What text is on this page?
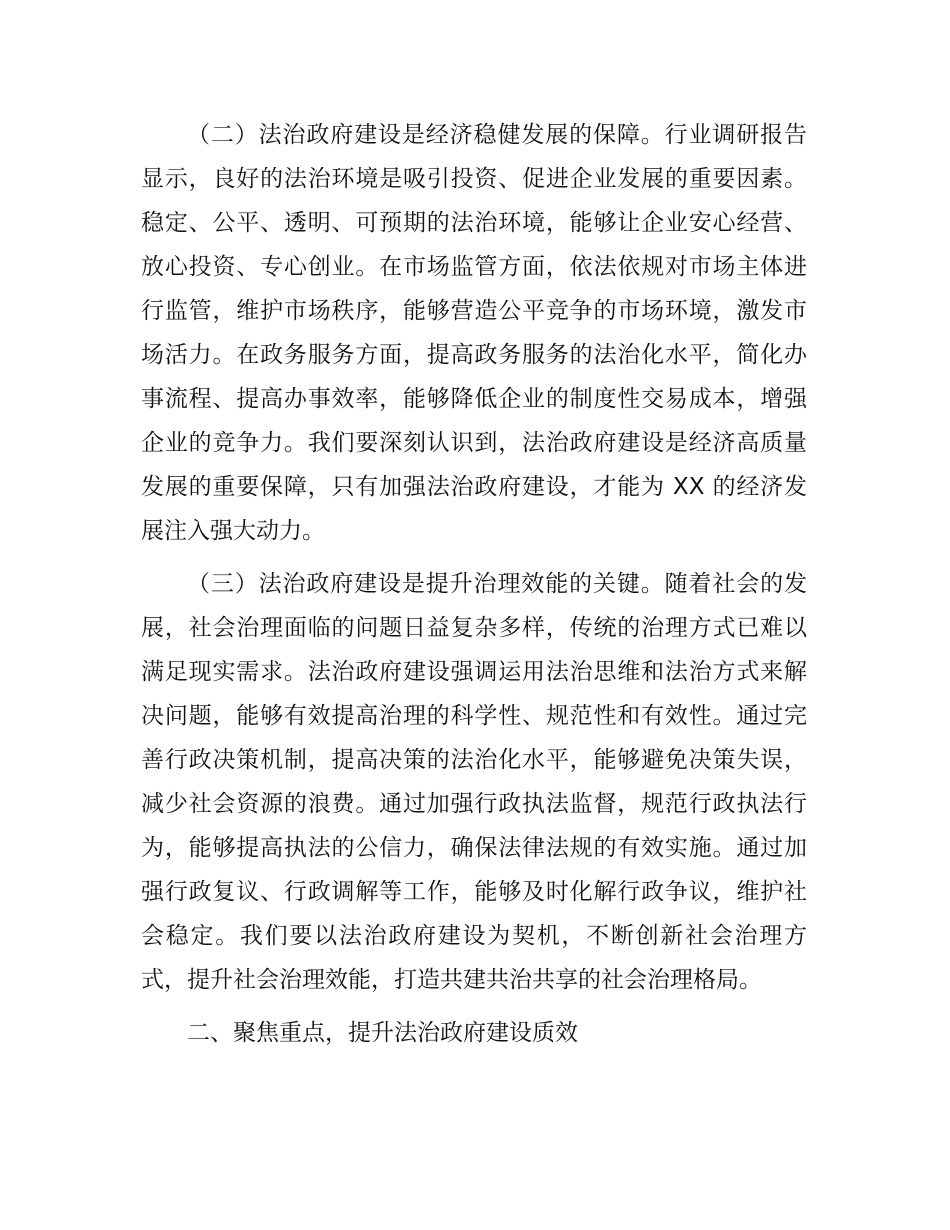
（二）法治政府建设是经济稳健发展的保障。行业调研报告显示，良好的法治环境是吸引投资、促进企业发展的重要因素。稳定、公平、透明、可预期的法治环境，能够让企业安心经营、放心投资、专心创业。在市场监管方面，依法依规对市场主体进行监管，维护市场秩序，能够营造公平竞争的市场环境，激发市场活力。在政务服务方面，提高政务服务的法治化水平，简化办事流程、提高办事效率，能够降低企业的制度性交易成本，增强企业的竞争力。我们要深刻认识到，法治政府建设是经济高质量发展的重要保障，只有加强法治政府建设，才能为 XX 的经济发展注入强大动力。

（三）法治政府建设是提升治理效能的关键。随着社会的发展，社会治理面临的问题日益复杂多样，传统的治理方式已难以满足现实需求。法治政府建设强调运用法治思维和法治方式来解决问题，能够有效提高治理的科学性、规范性和有效性。通过完善行政决策机制，提高决策的法治化水平，能够避免决策失误，减少社会资源的浪费。通过加强行政执法监督，规范行政执法行为，能够提高执法的公信力，确保法律法规的有效实施。通过加强行政复议、行政调解等工作，能够及时化解行政争议，维护社会稳定。我们要以法治政府建设为契机，不断创新社会治理方式，提升社会治理效能，打造共建共治共享的社会治理格局。

二、聚焦重点，提升法治政府建设质效
